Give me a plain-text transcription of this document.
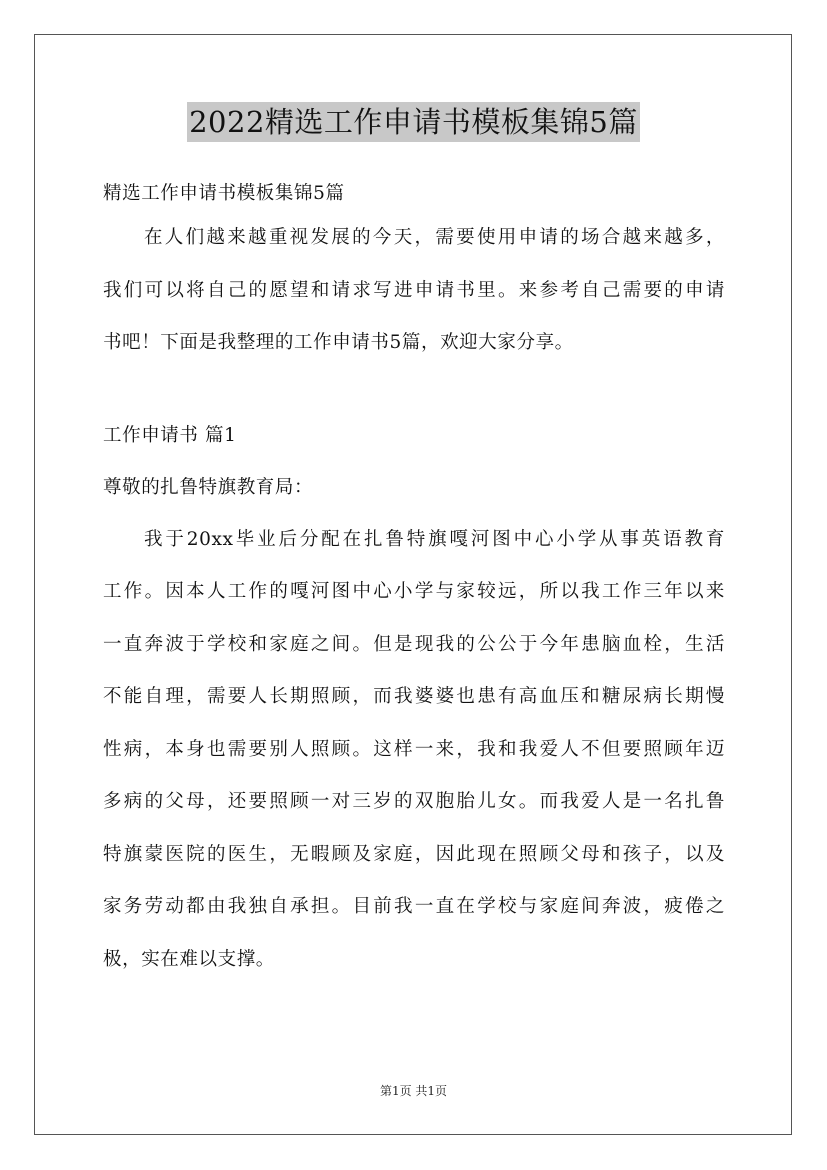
2022精选工作申请书模板集锦5篇
精选工作申请书模板集锦5篇
在人们越来越重视发展的今天，需要使用申请的场合越来越多，
我们可以将自己的愿望和请求写进申请书里。来参考自己需要的申请
书吧！下面是我整理的工作申请书5篇，欢迎大家分享。
工作申请书 篇1
尊敬的扎鲁特旗教育局：
我于20xx毕业后分配在扎鲁特旗嘎河图中心小学从事英语教育
工作。因本人工作的嘎河图中心小学与家较远，所以我工作三年以来
一直奔波于学校和家庭之间。但是现我的公公于今年患脑血栓，生活
不能自理，需要人长期照顾，而我婆婆也患有高血压和糖尿病长期慢
性病，本身也需要别人照顾。这样一来，我和我爱人不但要照顾年迈
多病的父母，还要照顾一对三岁的双胞胎儿女。而我爱人是一名扎鲁
特旗蒙医院的医生，无暇顾及家庭，因此现在照顾父母和孩子，以及
家务劳动都由我独自承担。目前我一直在学校与家庭间奔波，疲倦之
极，实在难以支撑。
第1页 共1页
